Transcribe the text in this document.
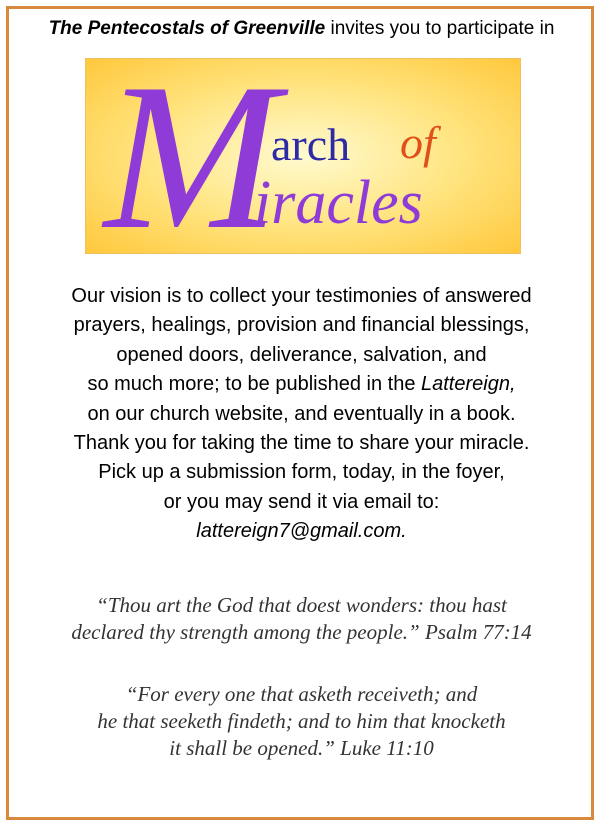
The Pentecostals of Greenville invites you to participate in
M
arch of
iracles
Our vision is to collect your testimonies of answered
prayers, healings, provision and financial blessings,
opened doors, deliverance, salvation, and
so much more; to be published in the Lattereign,
on our church website, and eventually in a book.
Thank you for taking the time to share your miracle.
Pick up a submission form, today, in the foyer,
or you may send it via email to:
lattereign7@gmail.com.
“Thou art the God that doest wonders: thou hast
declared thy strength among the people.” Psalm 77:14
“For every one that asketh receiveth; and
he that seeketh findeth; and to him that knocketh
it shall be opened.” Luke 11:10
